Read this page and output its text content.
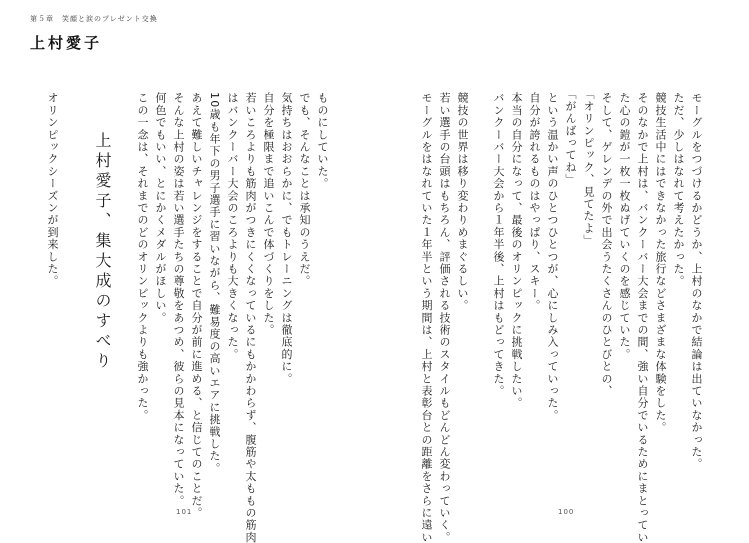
第５章　笑顔と涙のプレゼント交換
上村愛子
モーグルをつづけるかどうか、上村のなかで結論は出ていなかった。
ただ、少しはなれて考えたかった。
競技生活中にはできなかった旅行などさまざまな体験をした。
そのなかで上村は、バンクーバー大会までの間、強い自分でいるためにまとってい
た心の鎧が一枚一枚ぬげていくのを感じていた。
そして、ゲレンデの外で出会うたくさんのひとびとの、
「オリンピック、見てたよ」
「がんばってね」
という温かい声のひとつひとつが、心にしみ入っていった。
自分が誇れるものはやっぱり、スキー。
本当の自分になって、最後のオリンピックに挑戦したい。
バンクーバー大会から１年半後、上村はもどってきた。
競技の世界は移り変わりめまぐるしい。
若い選手の台頭はもちろん、評価される技術のスタイルもどんどん変わっていく。
モーグルをはなれていた１年半という期間は、上村と表彰台との距離をさらに遠い	100
ものにしていた。
でも、そんなことは承知のうえだ。
気持ちはおおらかに、でもトレーニングは徹底的に。
自分を極限まで追いこんで体づくりをした。
若いころよりも筋肉がつきにくくなっているにもかかわらず、腹筋や太ももの筋肉
はバンクーバー大会のころよりも大きくなった。
10歳も年下の男子選手に習いながら、難易度の高いエアに挑戦した。
あえて難しいチャレンジをすることで自分が前に進める、と信じてのことだ。
そんな上村の姿は若い選手たちの尊敬をあつめ、彼らの見本になっていた。
何色でもいい、とにかくメダルがほしい。
この一念は、それまでのどのオリンピックよりも強かった。
上村愛子、集大成のすべり
オリンピックシーズンが到来した。
101
